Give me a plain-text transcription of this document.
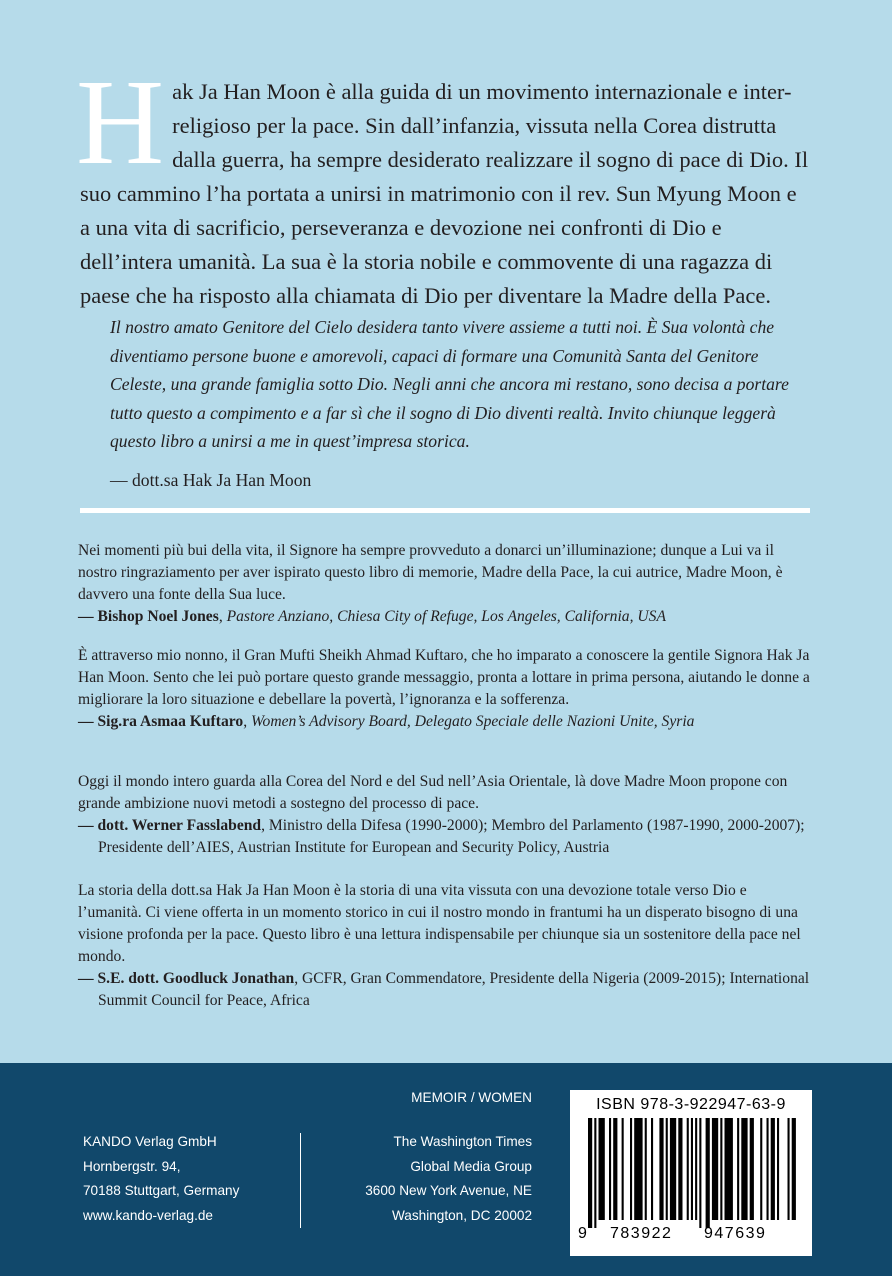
H ak Ja Han Moon è alla guida di un movimento internazionale e inter-religioso per la pace. Sin dall’infanzia, vissuta nella Corea distrutta dalla guerra, ha sempre desiderato realizzare il sogno di pace di Dio. Il suo cammino l’ha portata a unirsi in matrimonio con il rev. Sun Myung Moon e a una vita di sacrificio, perseveranza e devozione nei confronti di Dio e dell’intera umanità. La sua è la storia nobile e commovente di una ragazza di paese che ha risposto alla chiamata di Dio per diventare la Madre della Pace.

Il nostro amato Genitore del Cielo desidera tanto vivere assieme a tutti noi. È Sua volontà che diventiamo persone buone e amorevoli, capaci di formare una Comunità Santa del Genitore Celeste, una grande famiglia sotto Dio. Negli anni che ancora mi restano, sono decisa a portare tutto questo a compimento e a far sì che il sogno di Dio diventi realtà. Invito chiunque leggerà questo libro a unirsi a me in quest’impresa storica.

— dott.sa Hak Ja Han Moon

Nei momenti più bui della vita, il Signore ha sempre provveduto a donarci un’illuminazione; dunque a Lui va il nostro ringraziamento per aver ispirato questo libro di memorie, Madre della Pace, la cui autrice, Madre Moon, è davvero una fonte della Sua luce.

— Bishop Noel Jones, Pastore Anziano, Chiesa City of Refuge, Los Angeles, California, USA

È attraverso mio nonno, il Gran Mufti Sheikh Ahmad Kuftaro, che ho imparato a conoscere la gentile Signora Hak Ja Han Moon. Sento che lei può portare questo grande messaggio, pronta a lottare in prima persona, aiutando le donne a migliorare la loro situazione e debellare la povertà, l’ignoranza e la sofferenza.

— Sig.ra Asmaa Kuftaro, Women’s Advisory Board, Delegato Speciale delle Nazioni Unite, Syria

Oggi il mondo intero guarda alla Corea del Nord e del Sud nell’Asia Orientale, là dove Madre Moon propone con grande ambizione nuovi metodi a sostegno del processo di pace.

— dott. Werner Fasslabend, Ministro della Difesa (1990-2000); Membro del Parlamento (1987-1990, 2000-2007); Presidente dell’AIES, Austrian Institute for European and Security Policy, Austria

La storia della dott.sa Hak Ja Han Moon è la storia di una vita vissuta con una devozione totale verso Dio e l’umanità. Ci viene offerta in un momento storico in cui il nostro mondo in frantumi ha un disperato bisogno di una visione profonda per la pace. Questo libro è una lettura indispensabile per chiunque sia un sostenitore della pace nel mondo.

— S.E. dott. Goodluck Jonathan, GCFR, Gran Commendatore, Presidente della Nigeria (2009-2015); International Summit Council for Peace, Africa

KANDO Verlag GmbH
Hornbergstr. 94,
70188 Stuttgart, Germany
www.kando-verlag.de
MEMOIR / WOMEN
The Washington Times
Global Media Group
3600 New York Avenue, NE
Washington, DC 20002
ISBN 978-3-922947-63-9
9 783922 947639
